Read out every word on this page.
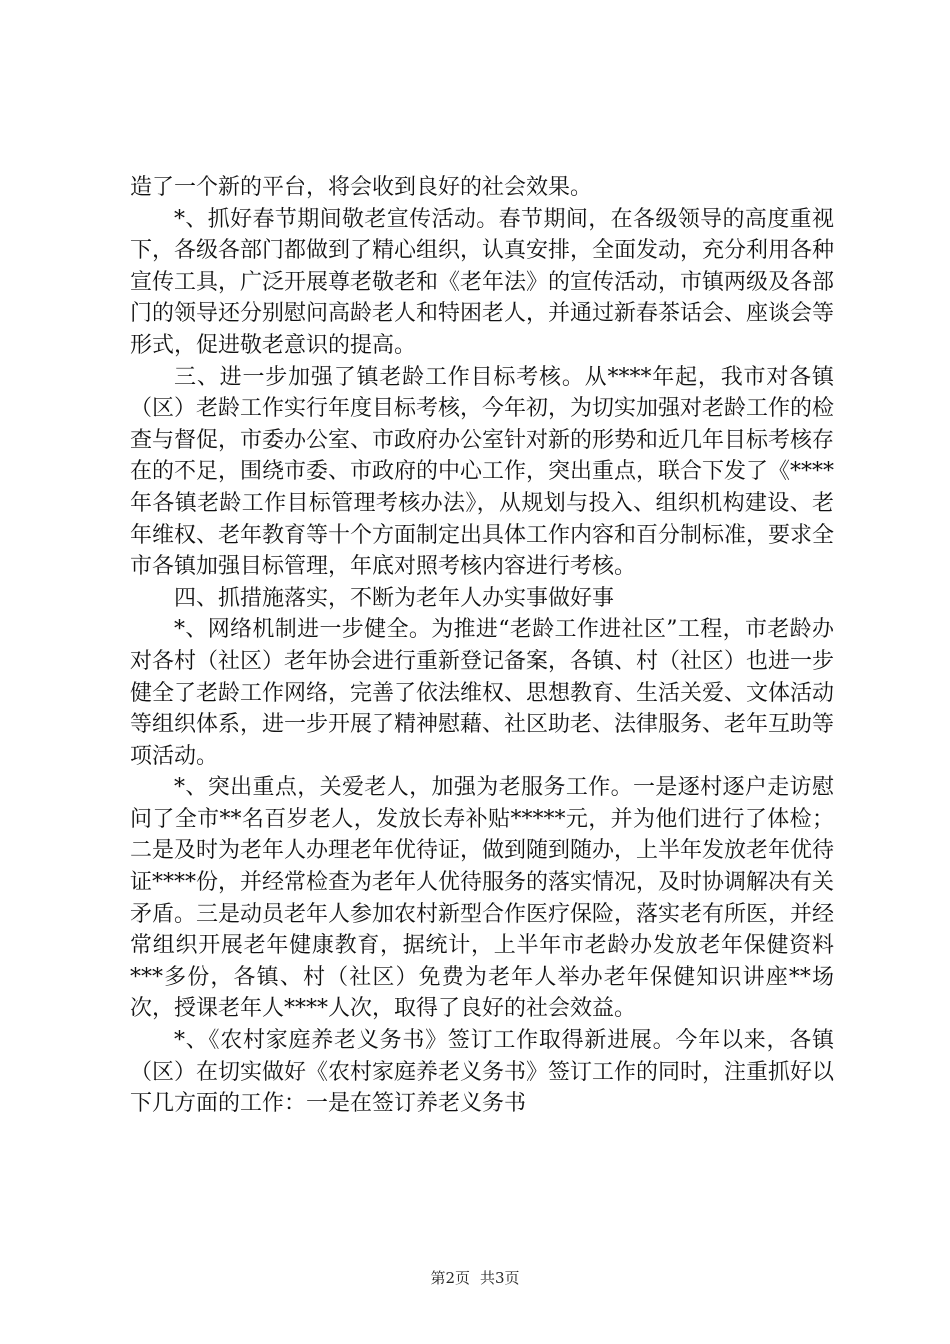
造了一个新的平台，将会收到良好的社会效果。

*、抓好春节期间敬老宣传活动。春节期间，在各级领导的高度重视下，各级各部门都做到了精心组织，认真安排，全面发动，充分利用各种宣传工具，广泛开展尊老敬老和《老年法》的宣传活动，市镇两级及各部门的领导还分别慰问高龄老人和特困老人，并通过新春茶话会、座谈会等形式，促进敬老意识的提高。

三、进一步加强了镇老龄工作目标考核。从****年起，我市对各镇（区）老龄工作实行年度目标考核，今年初，为切实加强对老龄工作的检查与督促，市委办公室、市政府办公室针对新的形势和近几年目标考核存在的不足，围绕市委、市政府的中心工作，突出重点，联合下发了《****年各镇老龄工作目标管理考核办法》，从规划与投入、组织机构建设、老年维权、老年教育等十个方面制定出具体工作内容和百分制标准，要求全市各镇加强目标管理，年底对照考核内容进行考核。

四、抓措施落实，不断为老年人办实事做好事

*、网络机制进一步健全。为推进“老龄工作进社区”工程，市老龄办对各村（社区）老年协会进行重新登记备案，各镇、村（社区）也进一步健全了老龄工作网络，完善了依法维权、思想教育、生活关爱、文体活动等组织体系，进一步开展了精神慰藉、社区助老、法律服务、老年互助等项活动。

*、突出重点，关爱老人，加强为老服务工作。一是逐村逐户走访慰问了全市**名百岁老人，发放长寿补贴*****元，并为他们进行了体检；二是及时为老年人办理老年优待证，做到随到随办，上半年发放老年优待证****份，并经常检查为老年人优待服务的落实情况，及时协调解决有关矛盾。三是动员老年人参加农村新型合作医疗保险，落实老有所医，并经常组织开展老年健康教育，据统计，上半年市老龄办发放老年保健资料***多份，各镇、村（社区）免费为老年人举办老年保健知识讲座**场次，授课老年人****人次，取得了良好的社会效益。

*、《农村家庭养老义务书》签订工作取得新进展。今年以来，各镇（区）在切实做好《农村家庭养老义务书》签订工作的同时，注重抓好以下几方面的工作：一是在签订养老义务书

第2页 共3页
